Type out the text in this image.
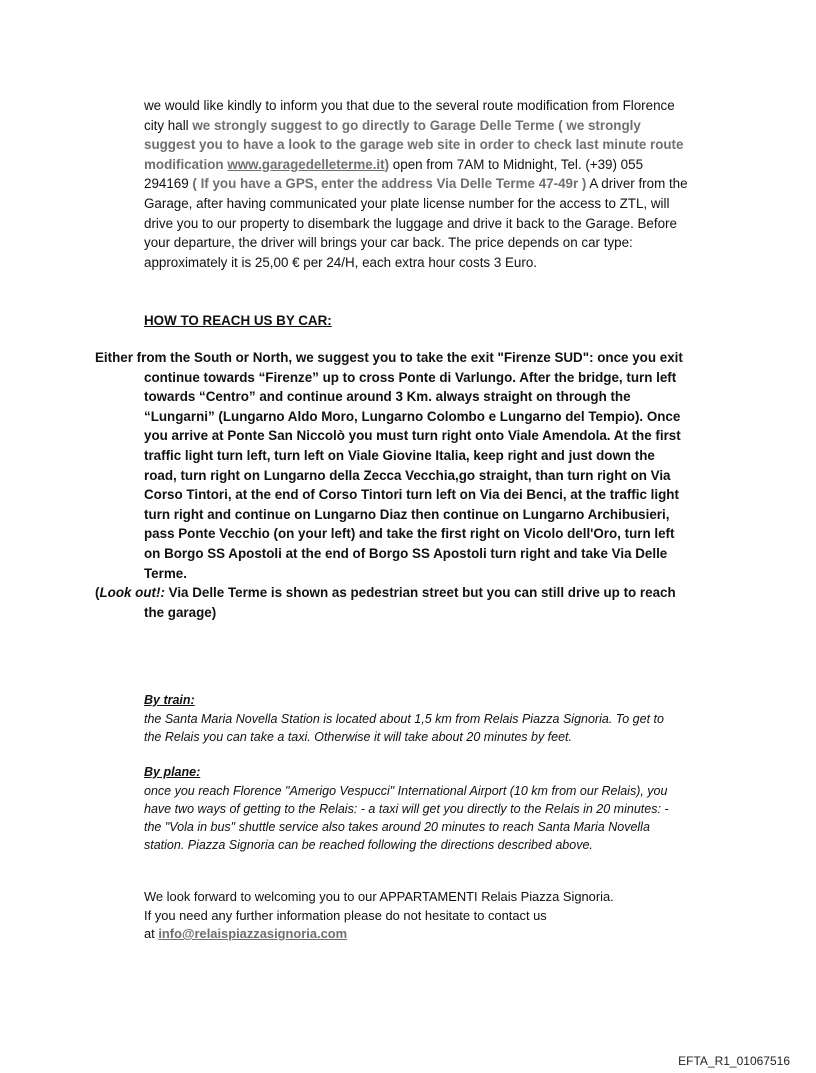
we would like kindly to inform you that due to the several route modification from Florence city hall we strongly suggest to go directly to Garage Delle Terme ( we strongly suggest you to have a look to the garage web site in order to check last minute route modification www.garagedelleterme.it) open from 7AM to Midnight, Tel. (+39) 055 294169 ( If you have a GPS, enter the address Via Delle Terme 47-49r ) A driver from the Garage, after having communicated your plate license number for the access to ZTL, will drive you to our property to disembark the luggage and drive it back to the Garage. Before your departure, the driver will brings your car back. The price depends on car type: approximately it is 25,00 € per 24/H, each extra hour costs 3 Euro.
HOW TO REACH US BY CAR:
Either from the South or North, we suggest you to take the exit "Firenze SUD": once you exit continue towards “Firenze” up to cross Ponte di Varlungo. After the bridge, turn left towards “Centro” and continue around 3 Km. always straight on through the “Lungarni” (Lungarno Aldo Moro, Lungarno Colombo e Lungarno del Tempio). Once you arrive at Ponte San Niccolò you must turn right onto Viale Amendola. At the first traffic light turn left, turn left on Viale Giovine Italia, keep right and just down the road, turn right on Lungarno della Zecca Vecchia,go straight, than turn right on Via Corso Tintori, at the end of Corso Tintori turn left on Via dei Benci, at the traffic light turn right and continue on Lungarno Diaz then continue on Lungarno Archibusieri, pass Ponte Vecchio (on your left) and take the first right on Vicolo dell'Oro, turn left on Borgo SS Apostoli at the end of Borgo SS Apostoli turn right and take Via Delle Terme.
(Look out!: Via Delle Terme is shown as pedestrian street but you can still drive up to reach the garage)
By train:
the Santa Maria Novella Station is located about 1,5 km from Relais Piazza Signoria. To get to the Relais you can take a taxi. Otherwise it will take about 20 minutes by feet.
By plane:
once you reach Florence "Amerigo Vespucci" International Airport (10 km from our Relais), you have two ways of getting to the Relais: - a taxi will get you directly to the Relais in 20 minutes: - the "Vola in bus" shuttle service also takes around 20 minutes to reach Santa Maria Novella station. Piazza Signoria can be reached following the directions described above.
We look forward to welcoming you to our APPARTAMENTI Relais Piazza Signoria.
If you need any further information please do not hesitate to contact us
at info@relaispiazzasignoria.com
EFTA_R1_01067516
